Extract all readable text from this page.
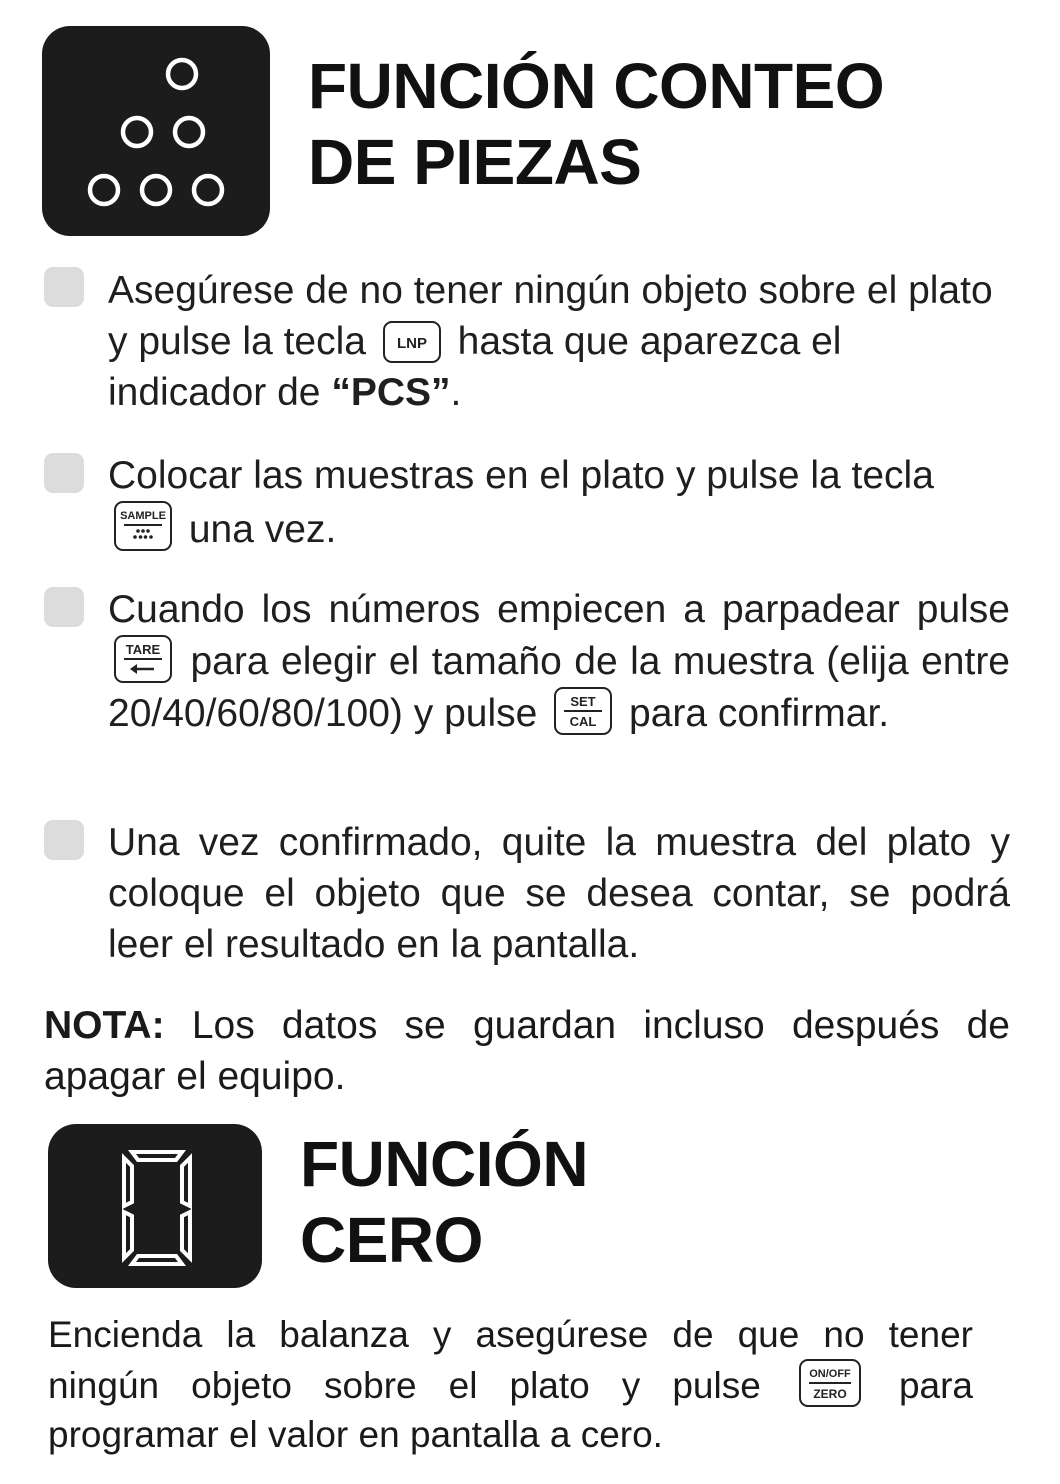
FUNCIÓN CONTEO
DE PIEZAS
Asegúrese de no tener ningún objeto sobre el plato y pulse la tecla LNP hasta que aparezca el indicador de “PCS”.
Colocar las muestras en el plato y pulse la tecla
SAMPLE una vez.
Cuando los números empiecen a parpadear pulse
TARE para elegir el tamaño de la muestra (elija entre 20/40/60/80/100) y pulse	SET
CAL para confirmar.
Una vez confirmado, quite la muestra del plato y coloque el objeto que se desea contar, se podrá leer el resultado en la pantalla.
NOTA: Los datos se guardan incluso después de apagar el equipo.
FUNCIÓN
CERO
Encienda la balanza y asegúrese de que no tener ningún objeto sobre el plato y pulse	ON/OFF
ZERO para programar el valor en pantalla a cero.
